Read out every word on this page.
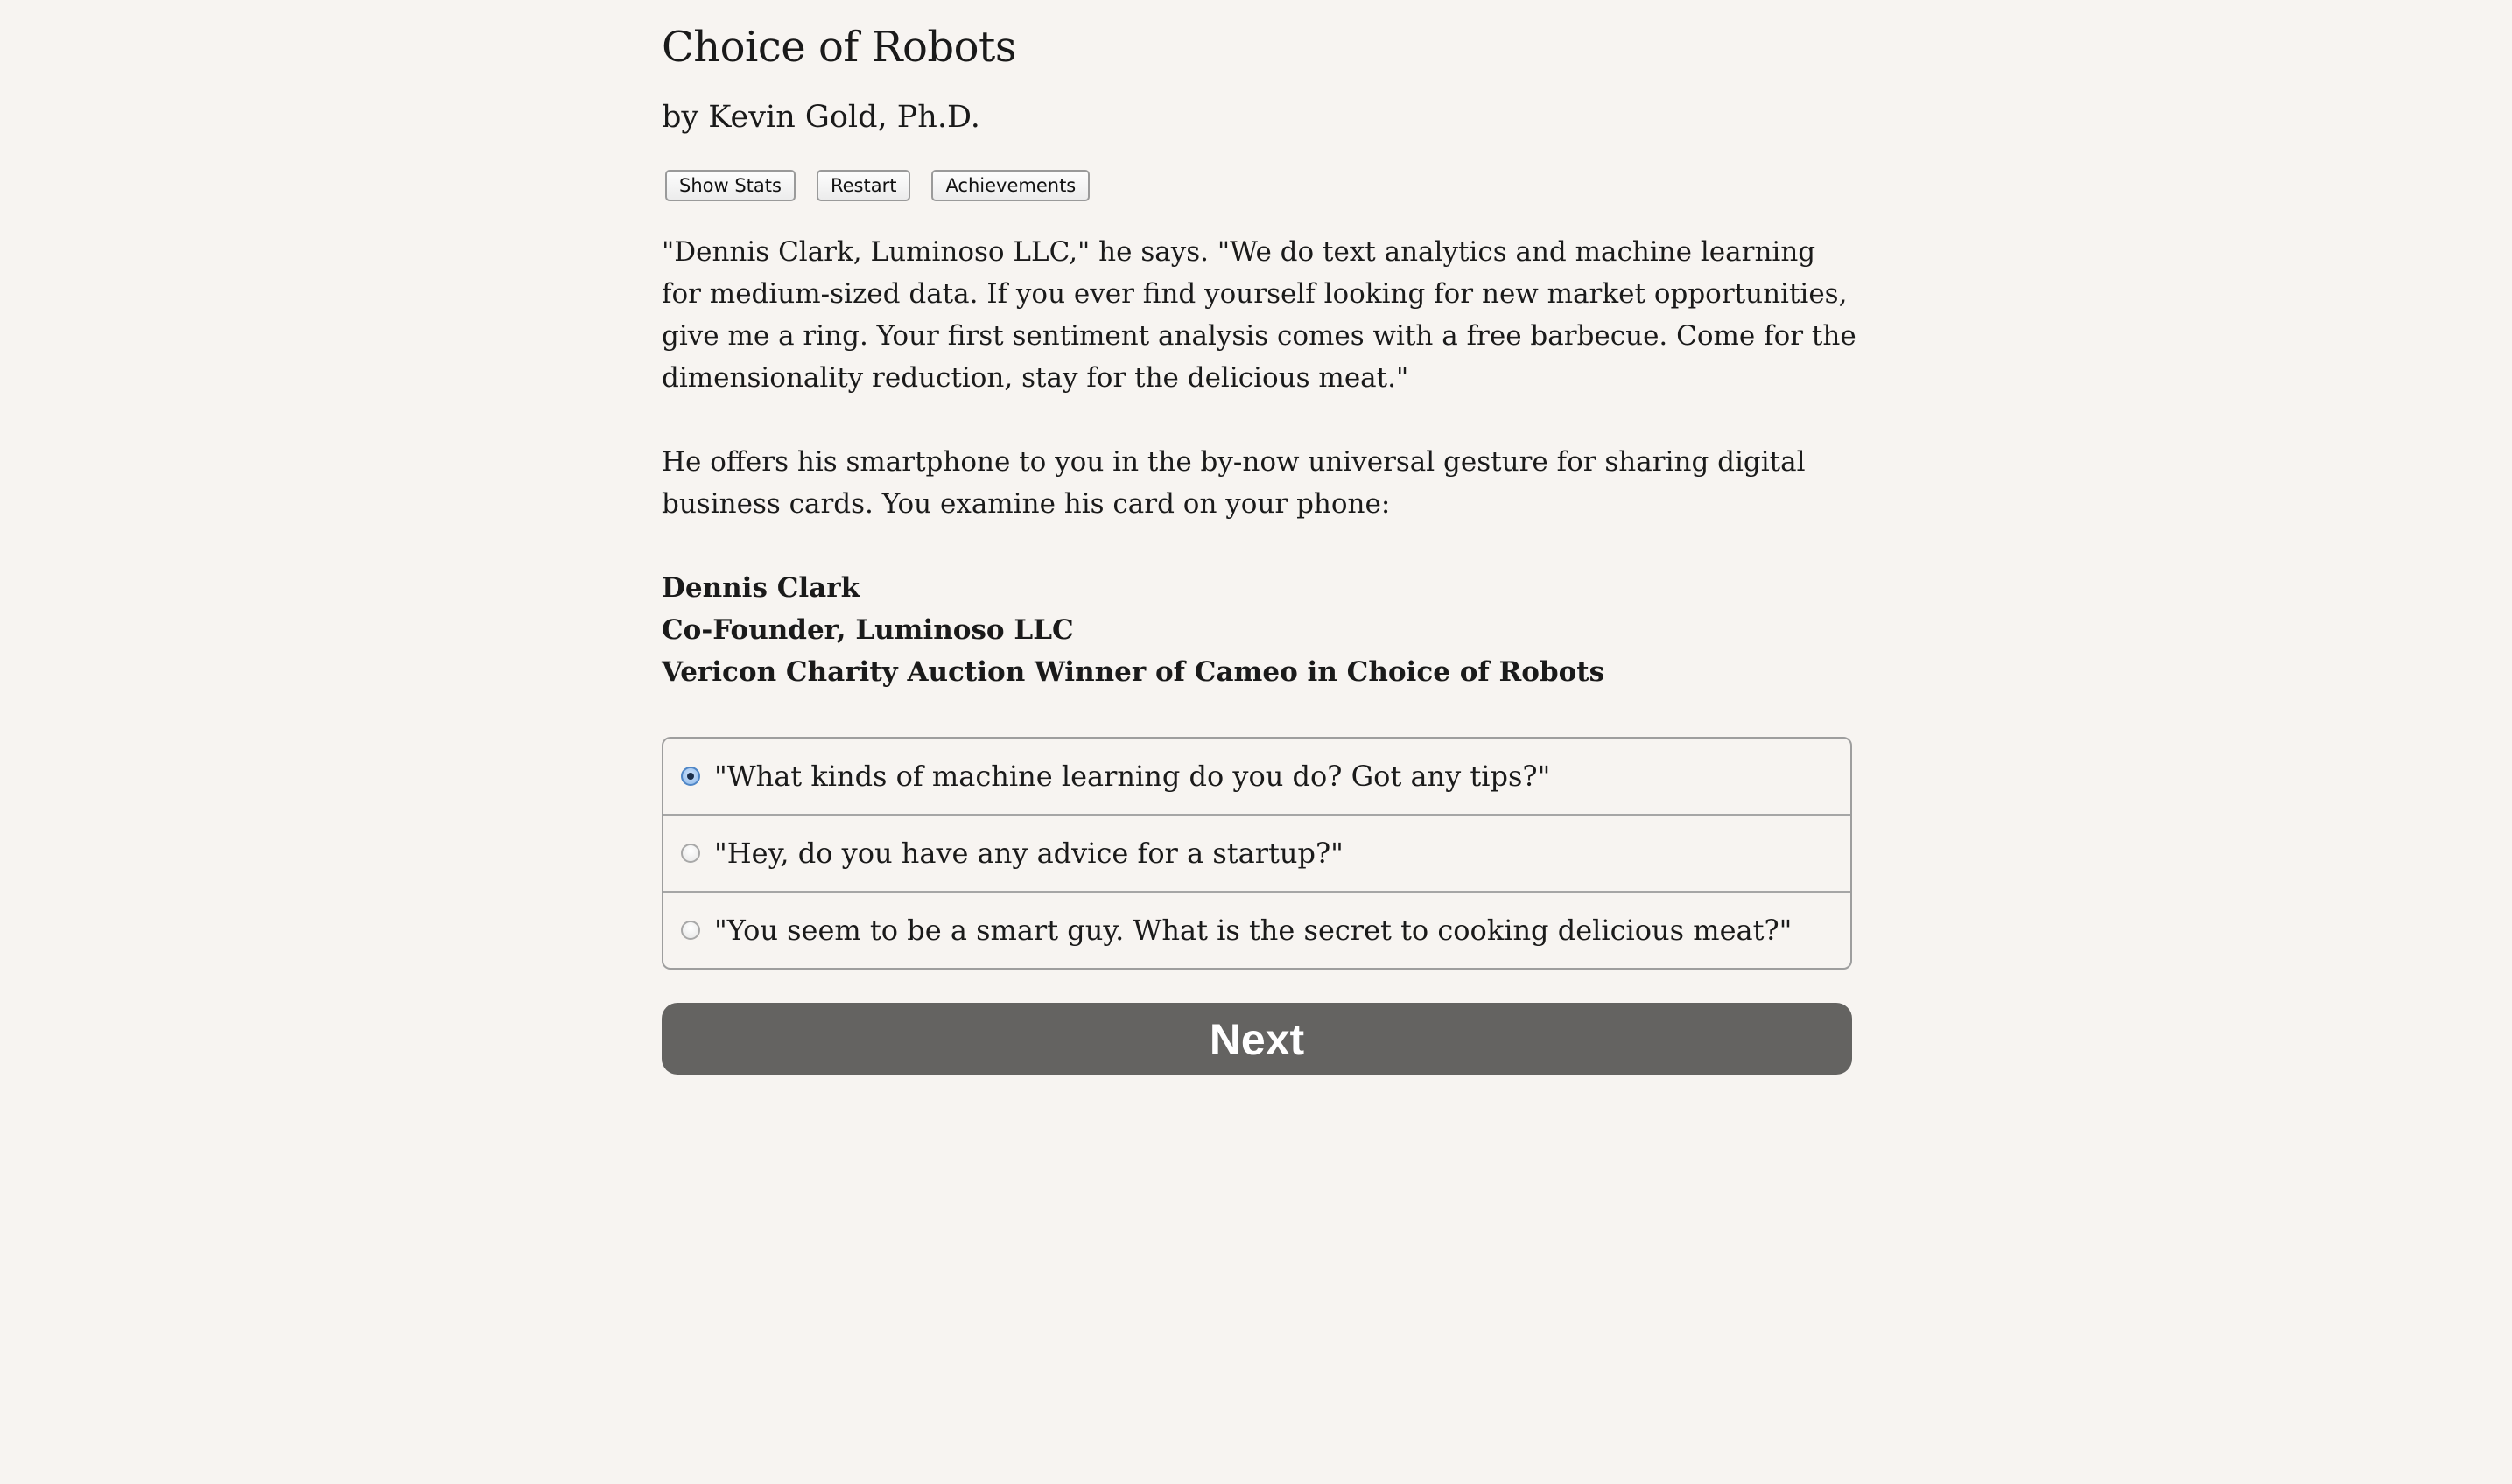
Choice of Robots
by Kevin Gold, Ph.D.
Show Stats	Restart	Achievements

"Dennis Clark, Luminoso LLC," he says. "We do text analytics and machine learning for medium-sized data. If you ever find yourself looking for new market opportunities, give me a ring. Your first sentiment analysis comes with a free barbecue. Come for the dimensionality reduction, stay for the delicious meat."

He offers his smartphone to you in the by-now universal gesture for sharing digital business cards. You examine his card on your phone:

Dennis Clark
Co-Founder, Luminoso LLC
Vericon Charity Auction Winner of Cameo in Choice of Robots
"What kinds of machine learning do you do? Got any tips?"
"Hey, do you have any advice for a startup?"
"You seem to be a smart guy. What is the secret to cooking delicious meat?"
Next
